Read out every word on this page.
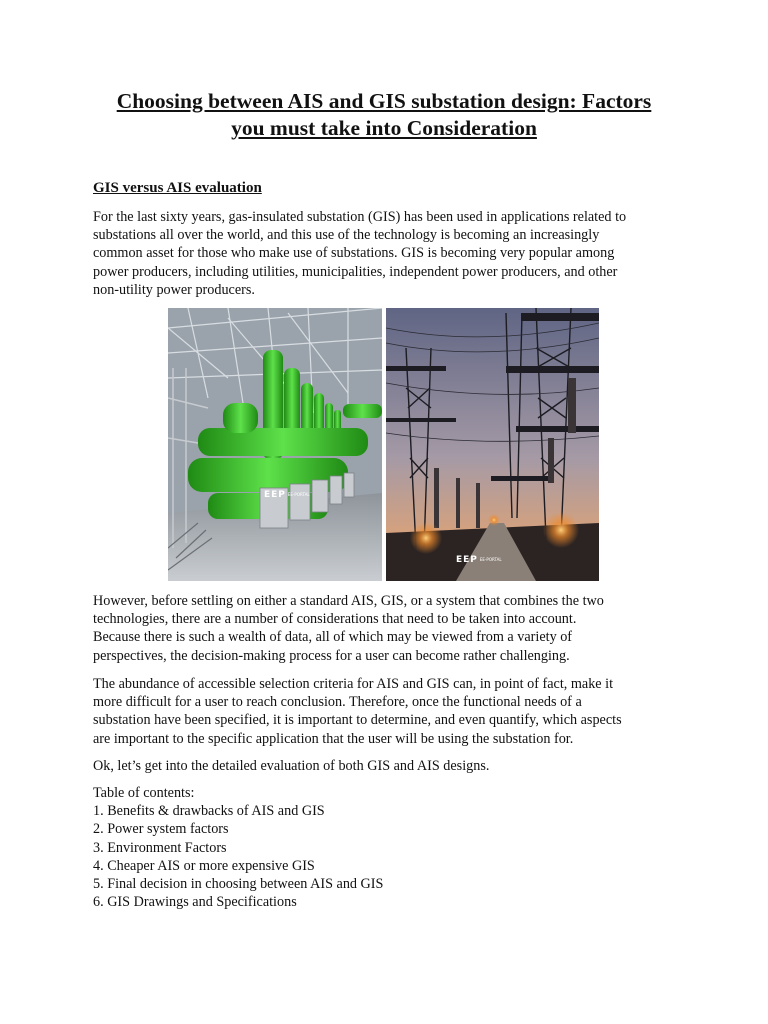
Choosing between AIS and GIS substation design: Factors
you must take into Consideration
GIS versus AIS evaluation

For the last sixty years, gas-insulated substation (GIS) has been used in applications related to
substations all over the world, and this use of the technology is becoming an increasingly
common asset for those who make use of substations. GIS is becoming very popular among
power producers, including utilities, municipalities, independent power producers, and other
non-utility power producers.

EEP EE-PORTAL
EEP EE-PORTAL

However, before settling on either a standard AIS, GIS, or a system that combines the two
technologies, there are a number of considerations that need to be taken into account.
Because there is such a wealth of data, all of which may be viewed from a variety of
perspectives, the decision-making process for a user can become rather challenging.

The abundance of accessible selection criteria for AIS and GIS can, in point of fact, make it
more difficult for a user to reach conclusion. Therefore, once the functional needs of a
substation have been specified, it is important to determine, and even quantify, which aspects
are important to the specific application that the user will be using the substation for.

Ok, let’s get into the detailed evaluation of both GIS and AIS designs.

Table of contents:
1. Benefits & drawbacks of AIS and GIS
2. Power system factors
3. Environment Factors
4. Cheaper AIS or more expensive GIS
5. Final decision in choosing between AIS and GIS
6. GIS Drawings and Specifications
